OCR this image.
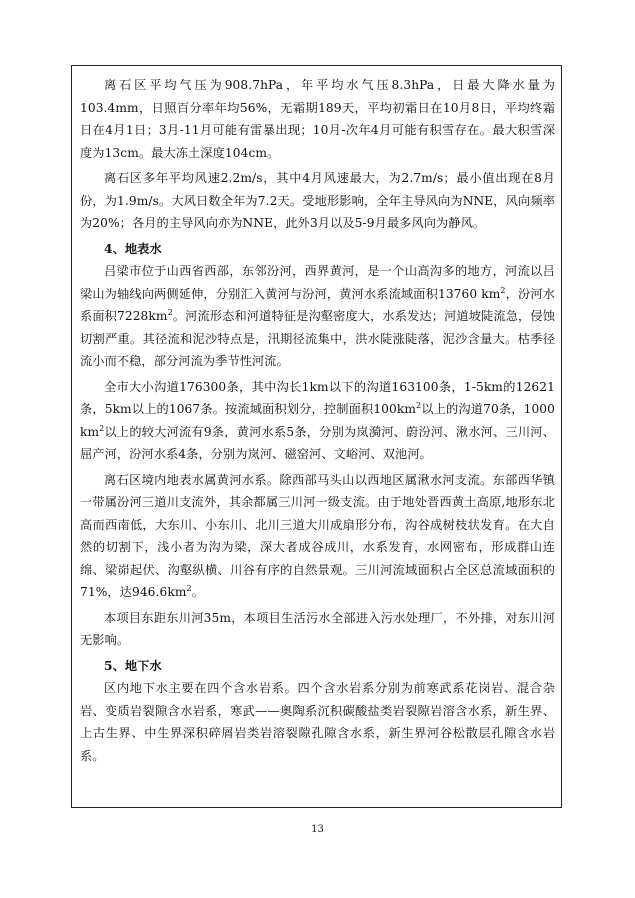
离石区平均气压为908.7hPa，年平均水气压8.3hPa，日最大降水量为103.4mm，日照百分率年均56%，无霜期189天，平均初霜日在10月8日，平均终霜日在4月1日；3月-11月可能有雷暴出现；10月-次年4月可能有积雪存在。最大积雪深度为13cm。最大冻土深度104cm。

离石区多年平均风速2.2m/s，其中4月风速最大，为2.7m/s；最小值出现在8月份，为1.9m/s。大风日数全年为7.2天。受地形影响，全年主导风向为NNE，风向频率为20%；各月的主导风向亦为NNE，此外3月以及5-9月最多风向为静风。

4、地表水

吕梁市位于山西省西部，东邻汾河，西界黄河，是一个山高沟多的地方，河流以吕梁山为轴线向两侧延伸，分别汇入黄河与汾河，黄河水系流域面积13760 $km^2$，汾河水系面积$7228km^2$。河流形态和河道特征是沟壑密度大，水系发达；河道坡陡流急，侵蚀切割严重。其径流和泥沙特点是，汛期径流集中，洪水陡涨陡落，泥沙含量大。枯季径流小而不稳，部分河流为季节性河流。

全市大小沟道176300条，其中沟长1km以下的沟道163100条，1-5km的12621条，5km以上的1067条。按流域面积划分，控制面积$100km^2$以上的沟道70条，1000 $km^2$以上的较大河流有9条，黄河水系5条，分别为岚漪河、蔚汾河、湫水河、三川河、屈产河，汾河水系4条，分别为岚河、磁窑河、文峪河、双池河。

离石区境内地表水属黄河水系。除西部马头山以西地区属湫水河支流。东部西华镇一带属汾河三道川支流外，其余都属三川河一级支流。由于地处晋西黄土高原,地形东北高而西南低，大东川、小东川、北川三道大川成扇形分布，沟谷成树枝状发育。在大自然的切割下，浅小者为沟为梁，深大者成谷成川，水系发育，水网密布，形成群山连绵、梁峁起伏、沟壑纵横、川谷有序的自然景观。三川河流域面积占全区总流域面积的71%，达$946.6km^2$。

本项目东距东川河35m，本项目生活污水全部进入污水处理厂，不外排，对东川河无影响。

5、地下水

区内地下水主要在四个含水岩系。四个含水岩系分别为前寒武系花岗岩、混合杂岩、变质岩裂隙含水岩系，寒武——奥陶系沉积碳酸盐类岩裂隙岩溶含水系，新生界、上古生界、中生界深积碎屑岩类岩溶裂隙孔隙含水系，新生界河谷松散层孔隙含水岩系。

13
